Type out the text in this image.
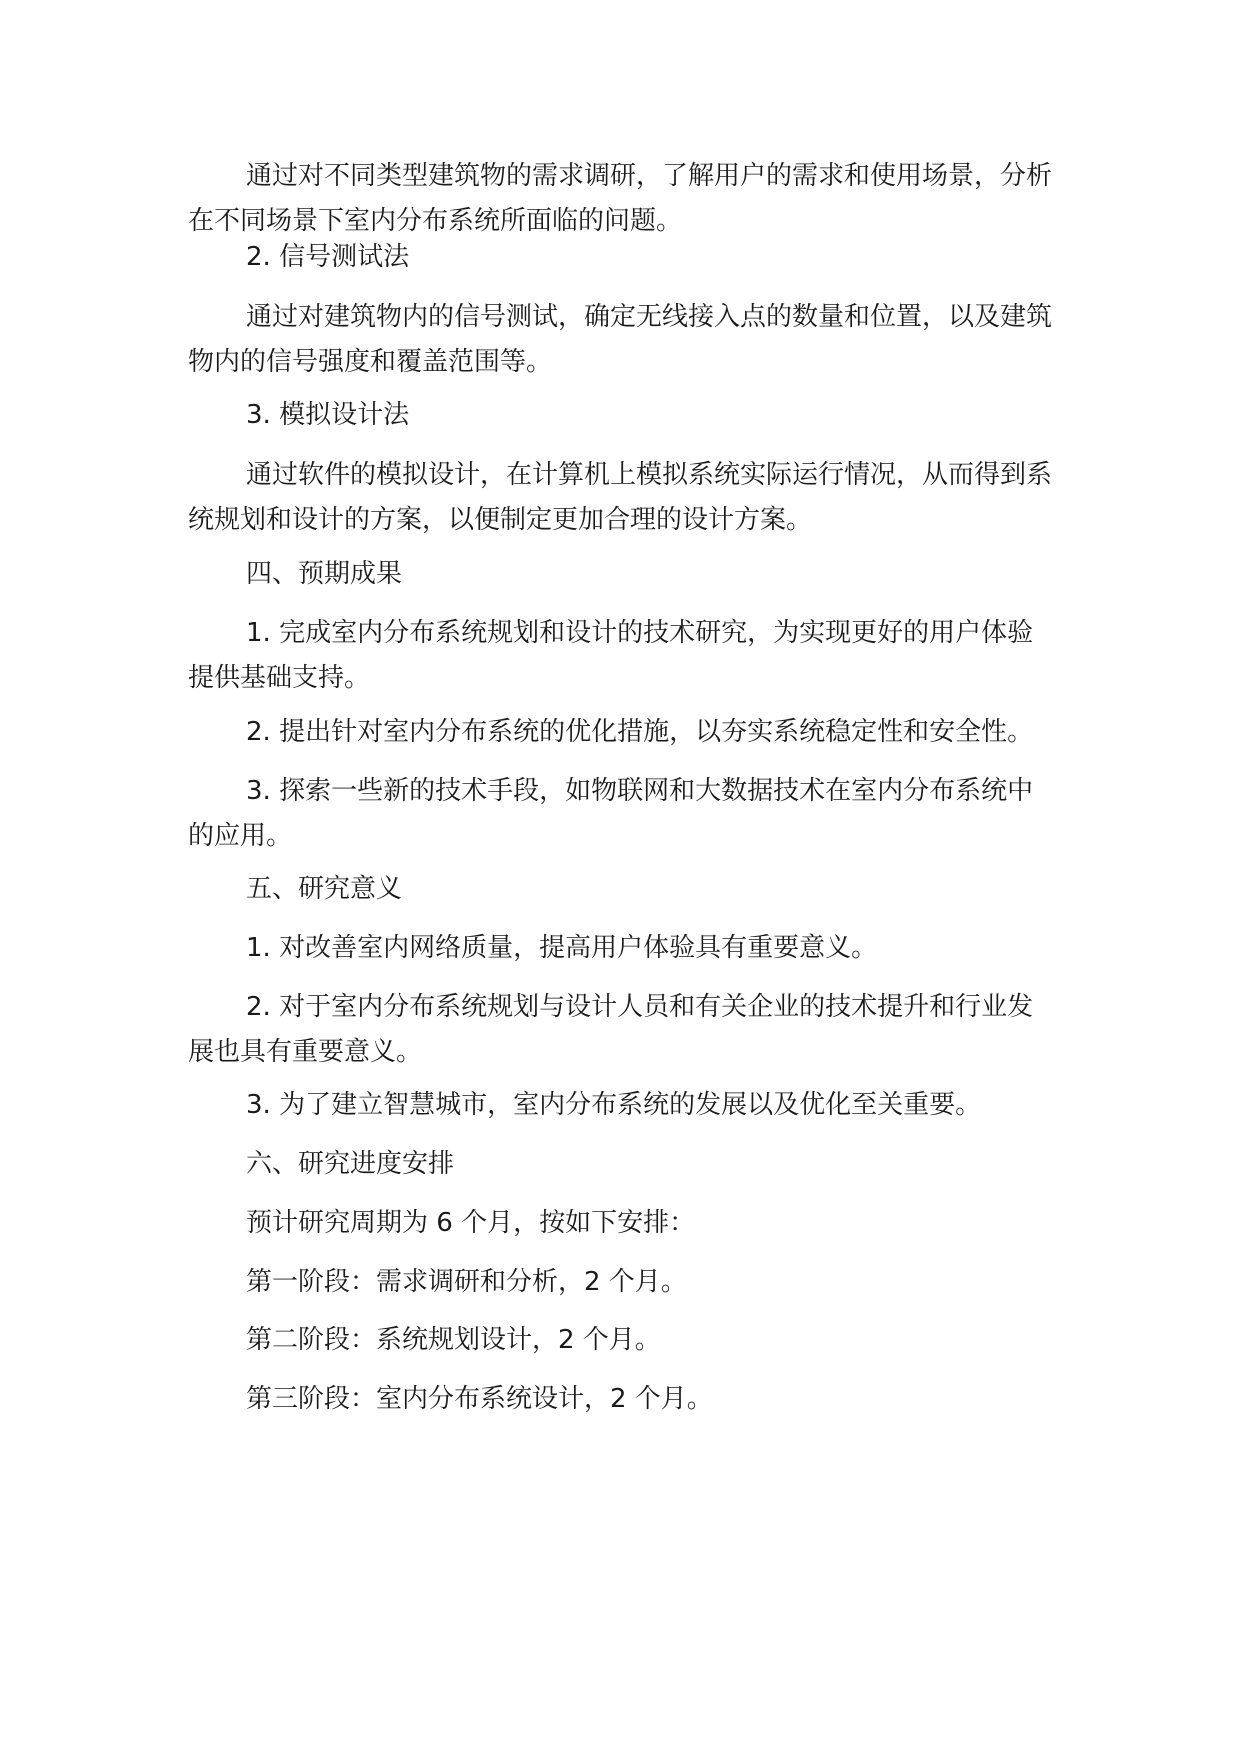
通过对不同类型建筑物的需求调研，了解用户的需求和使用场景，分析在不同场景下室内分布系统所面临的问题。

2. 信号测试法

通过对建筑物内的信号测试，确定无线接入点的数量和位置，以及建筑物内的信号强度和覆盖范围等。

3. 模拟设计法

通过软件的模拟设计，在计算机上模拟系统实际运行情况，从而得到系统规划和设计的方案，以便制定更加合理的设计方案。

四、预期成果

1. 完成室内分布系统规划和设计的技术研究，为实现更好的用户体验提供基础支持。

2. 提出针对室内分布系统的优化措施，以夯实系统稳定性和安全性。

3. 探索一些新的技术手段，如物联网和大数据技术在室内分布系统中的应用。

五、研究意义

1. 对改善室内网络质量，提高用户体验具有重要意义。

2. 对于室内分布系统规划与设计人员和有关企业的技术提升和行业发展也具有重要意义。

3. 为了建立智慧城市，室内分布系统的发展以及优化至关重要。

六、研究进度安排

预计研究周期为 6 个月，按如下安排：

第一阶段：需求调研和分析，2 个月。

第二阶段：系统规划设计，2 个月。

第三阶段：室内分布系统设计，2 个月。
